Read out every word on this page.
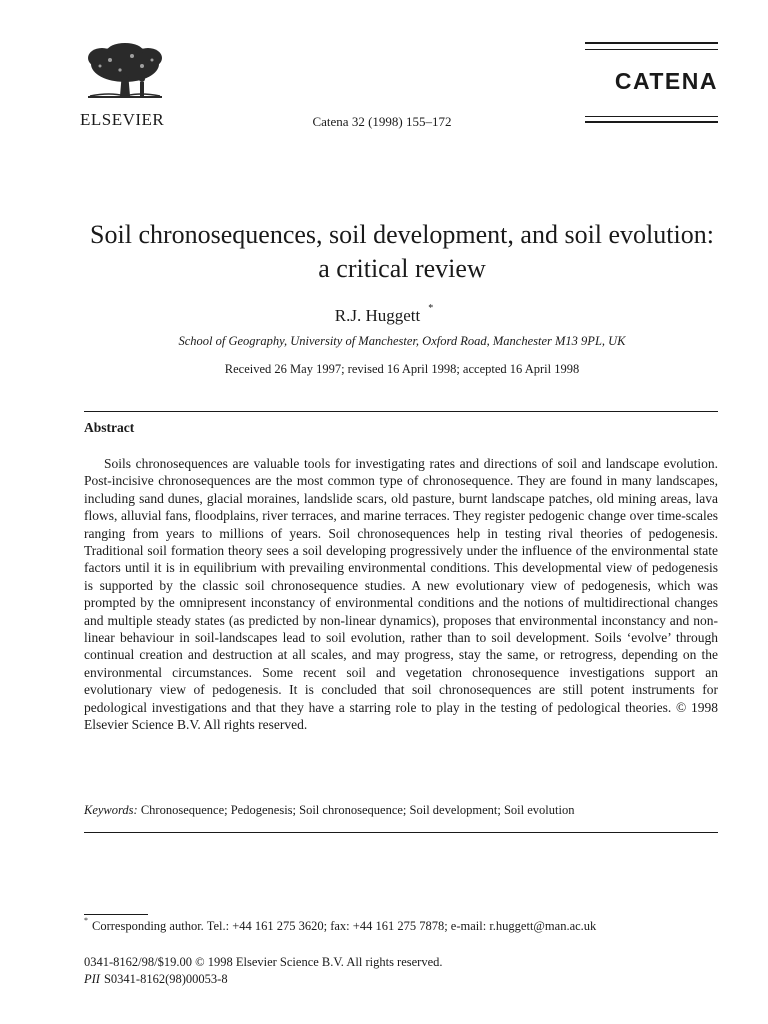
ELSEVIER	Catena 32 (1998) 155–172
CATENA
Soil chronosequences, soil development, and soil evolution: a critical review
R.J. Huggett *
School of Geography, University of Manchester, Oxford Road, Manchester M13 9PL, UK
Received 26 May 1997; revised 16 April 1998; accepted 16 April 1998
Abstract

Soils chronosequences are valuable tools for investigating rates and directions of soil and landscape evolution. Post-incisive chronosequences are the most common type of chronosequence. They are found in many landscapes, including sand dunes, glacial moraines, landslide scars, old pasture, burnt landscape patches, old mining areas, lava flows, alluvial fans, floodplains, river terraces, and marine terraces. They register pedogenic change over time-scales ranging from years to millions of years. Soil chronosequences help in testing rival theories of pedogenesis. Traditional soil formation theory sees a soil developing progressively under the influence of the environmental state factors until it is in equilibrium with prevailing environmental conditions. This developmental view of pedogenesis is supported by the classic soil chronosequence studies. A new evolutionary view of pedogenesis, which was prompted by the omnipresent inconstancy of environmental conditions and the notions of multidirectional changes and multiple steady states (as predicted by non-linear dynamics), proposes that environmental inconstancy and non-linear behaviour in soil-landscapes lead to soil evolution, rather than to soil development. Soils ‘evolve’ through continual creation and destruction at all scales, and may progress, stay the same, or retrogress, depending on the environmental circumstances. Some recent soil and vegetation chronosequence investigations support an evolutionary view of pedogenesis. It is concluded that soil chronosequences are still potent instruments for pedological investigations and that they have a starring role to play in the testing of pedological theories. © 1998 Elsevier Science B.V. All rights reserved.

Keywords: Chronosequence; Pedogenesis; Soil chronosequence; Soil development; Soil evolution
* Corresponding author. Tel.: +44 161 275 3620; fax: +44 161 275 7878; e-mail: r.huggett@man.ac.uk
0341-8162/98/$19.00 © 1998 Elsevier Science B.V. All rights reserved.
PII S0341-8162(98)00053-8
